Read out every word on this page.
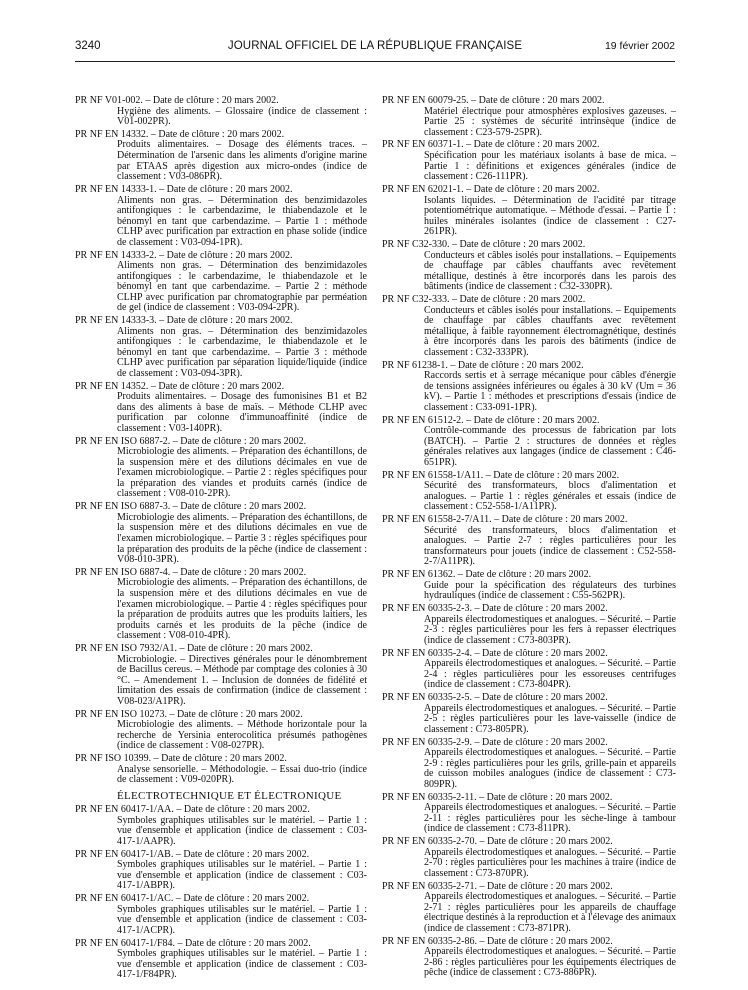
3240	JOURNAL OFFICIEL DE LA RÉPUBLIQUE FRANÇAISE	19 février 2002
PR NF V01-002. – Date de clôture : 20 mars 2002.
Hygiène des aliments. – Glossaire (indice de classement : V01-002PR).
PR NF EN 14332. – Date de clôture : 20 mars 2002.
Produits alimentaires. – Dosage des éléments traces. – Détermination de l'arsenic dans les aliments d'origine marine par ETAAS après digestion aux micro-ondes (indice de classement : V03-086PR).
PR NF EN 14333-1. – Date de clôture : 20 mars 2002.
Aliments non gras. – Détermination des benzimidazoles antifongiques : le carbendazime, le thiabendazole et le bénomyl en tant que carbendazime. – Partie 1 : méthode CLHP avec purification par extraction en phase solide (indice de classement : V03-094-1PR).
PR NF EN 14333-2. – Date de clôture : 20 mars 2002.
Aliments non gras. – Détermination des benzimidazoles antifongiques : le carbendazime, le thiabendazole et le bénomyl en tant que carbendazime. – Partie 2 : méthode CLHP avec purification par chromatographie par perméation de gel (indice de classement : V03-094-2PR).
PR NF EN 14333-3. – Date de clôture : 20 mars 2002.
Aliments non gras. – Détermination des benzimidazoles antifongiques : le carbendazime, le thiabendazole et le bénomyl en tant que carbendazime. – Partie 3 : méthode CLHP avec purification par séparation liquide/liquide (indice de classement : V03-094-3PR).
PR NF EN 14352. – Date de clôture : 20 mars 2002.
Produits alimentaires. – Dosage des fumonisines B1 et B2 dans des aliments à base de maïs. – Méthode CLHP avec purification par colonne d'immunoaffinité (indice de classement : V03-140PR).
PR NF EN ISO 6887-2. – Date de clôture : 20 mars 2002.
Microbiologie des aliments. – Préparation des échantillons, de la suspension mère et des dilutions décimales en vue de l'examen microbiologique. – Partie 2 : règles spécifiques pour la préparation des viandes et produits carnés (indice de classement : V08-010-2PR).
PR NF EN ISO 6887-3. – Date de clôture : 20 mars 2002.
Microbiologie des aliments. – Préparation des échantillons, de la suspension mère et des dilutions décimales en vue de l'examen microbiologique. – Partie 3 : règles spécifiques pour la préparation des produits de la pêche (indice de classement : V08-010-3PR).
PR NF EN ISO 6887-4. – Date de clôture : 20 mars 2002.
Microbiologie des aliments. – Préparation des échantillons, de la suspension mère et des dilutions décimales en vue de l'examen microbiologique. – Partie 4 : règles spécifiques pour la préparation de produits autres que les produits laitiers, les produits carnés et les produits de la pêche (indice de classement : V08-010-4PR).
PR NF EN ISO 7932/A1. – Date de clôture : 20 mars 2002.
Microbiologie. – Directives générales pour le dénombrement de Bacillus cereus. – Méthode par comptage des colonies à 30 °C. – Amendement 1. – Inclusion de données de fidélité et limitation des essais de confirmation (indice de classement : V08-023/A1PR).
PR NF EN ISO 10273. – Date de clôture : 20 mars 2002.
Microbiologie des aliments. – Méthode horizontale pour la recherche de Yersinia enterocolitica présumés pathogènes (indice de classement : V08-027PR).
PR NF ISO 10399. – Date de clôture : 20 mars 2002.
Analyse sensorielle. – Méthodologie. – Essai duo-trio (indice de classement : V09-020PR).
ÉLECTROTECHNIQUE ET ÉLECTRONIQUE
PR NF EN 60417-1/AA. – Date de clôture : 20 mars 2002.
Symboles graphiques utilisables sur le matériel. – Partie 1 : vue d'ensemble et application (indice de classement : C03-417-1/AAPR).
PR NF EN 60417-1/AB. – Date de clôture : 20 mars 2002.
Symboles graphiques utilisables sur le matériel. – Partie 1 : vue d'ensemble et application (indice de classement : C03-417-1/ABPR).
PR NF EN 60417-1/AC. – Date de clôture : 20 mars 2002.
Symboles graphiques utilisables sur le matériel. – Partie 1 : vue d'ensemble et application (indice de classement : C03-417-1/ACPR).
PR NF EN 60417-1/F84. – Date de clôture : 20 mars 2002.
Symboles graphiques utilisables sur le matériel. – Partie 1 : vue d'ensemble et application (indice de classement : C03-417-1/F84PR).
PR NF EN 60079-25. – Date de clôture : 20 mars 2002.
Matériel électrique pour atmosphères explosives gazeuses. – Partie 25 : systèmes de sécurité intrinsèque (indice de classement : C23-579-25PR).
PR NF EN 60371-1. – Date de clôture : 20 mars 2002.
Spécification pour les matériaux isolants à base de mica. – Partie 1 : définitions et exigences générales (indice de classement : C26-111PR).
PR NF EN 62021-1. – Date de clôture : 20 mars 2002.
Isolants liquides. – Détermination de l'acidité par titrage potentiométrique automatique. – Méthode d'essai. – Partie 1 : huiles minérales isolantes (indice de classement : C27-261PR).
PR NF C32-330. – Date de clôture : 20 mars 2002.
Conducteurs et câbles isolés pour installations. – Equipements de chauffage par câbles chauffants avec revêtement métallique, destinés à être incorporés dans les parois des bâtiments (indice de classement : C32-330PR).
PR NF C32-333. – Date de clôture : 20 mars 2002.
Conducteurs et câbles isolés pour installations. – Equipements de chauffage par câbles chauffants avec revêtement métallique, à faible rayonnement électromagnétique, destinés à être incorporés dans les parois des bâtiments (indice de classement : C32-333PR).
PR NF 61238-1. – Date de clôture : 20 mars 2002.
Raccords sertis et à serrage mécanique pour câbles d'énergie de tensions assignées inférieures ou égales à 30 kV (Um = 36 kV). – Partie 1 : méthodes et prescriptions d'essais (indice de classement : C33-091-1PR).
PR NF EN 61512-2. – Date de clôture : 20 mars 2002.
Contrôle-commande des processus de fabrication par lots (BATCH). – Partie 2 : structures de données et règles générales relatives aux langages (indice de classement : C46-651PR).
PR NF EN 61558-1/A11. – Date de clôture : 20 mars 2002.
Sécurité des transformateurs, blocs d'alimentation et analogues. – Partie 1 : règles générales et essais (indice de classement : C52-558-1/A11PR).
PR NF EN 61558-2-7/A11. – Date de clôture : 20 mars 2002.
Sécurité des transformateurs, blocs d'alimentation et analogues. – Partie 2-7 : règles particulières pour les transformateurs pour jouets (indice de classement : C52-558-2-7/A11PR).
PR NF EN 61362. – Date de clôture : 20 mars 2002.
Guide pour la spécification des régulateurs des turbines hydrauliques (indice de classement : C55-562PR).
PR NF EN 60335-2-3. – Date de clôture : 20 mars 2002.
Appareils électrodomestiques et analogues. – Sécurité. – Partie 2-3 : règles particulières pour les fers à repasser électriques (indice de classement : C73-803PR).
PR NF EN 60335-2-4. – Date de clôture : 20 mars 2002.
Appareils électrodomestiques et analogues. – Sécurité. – Partie 2-4 : règles particulières pour les essoreuses centrifuges (indice de classement : C73-804PR).
PR NF EN 60335-2-5. – Date de clôture : 20 mars 2002.
Appareils électrodomestiques et analogues. – Sécurité. – Partie 2-5 : règles particulières pour les lave-vaisselle (indice de classement : C73-805PR).
PR NF EN 60335-2-9. – Date de clôture : 20 mars 2002.
Appareils électrodomestiques et analogues. – Sécurité. – Partie 2-9 : règles particulières pour les grils, grille-pain et appareils de cuisson mobiles analogues (indice de classement : C73-809PR).
PR NF EN 60335-2-11. – Date de clôture : 20 mars 2002.
Appareils électrodomestiques et analogues. – Sécurité. – Partie 2-11 : règles particulières pour les sèche-linge à tambour (indice de classement : C73-811PR).
PR NF EN 60335-2-70. – Date de clôture : 20 mars 2002.
Appareils électrodomestiques et analogues. – Sécurité. – Partie 2-70 : règles particulières pour les machines à traire (indice de classement : C73-870PR).
PR NF EN 60335-2-71. – Date de clôture : 20 mars 2002.
Appareils électrodomestiques et analogues. – Sécurité. – Partie 2-71 : règles particulières pour les appareils de chauffage électrique destinés à la reproduction et à l'élevage des animaux (indice de classement : C73-871PR).
PR NF EN 60335-2-86. – Date de clôture : 20 mars 2002.
Appareils électrodomestiques et analogues. – Sécurité. – Partie 2-86 : règles particulières pour les équipements électriques de pêche (indice de classement : C73-886PR).
